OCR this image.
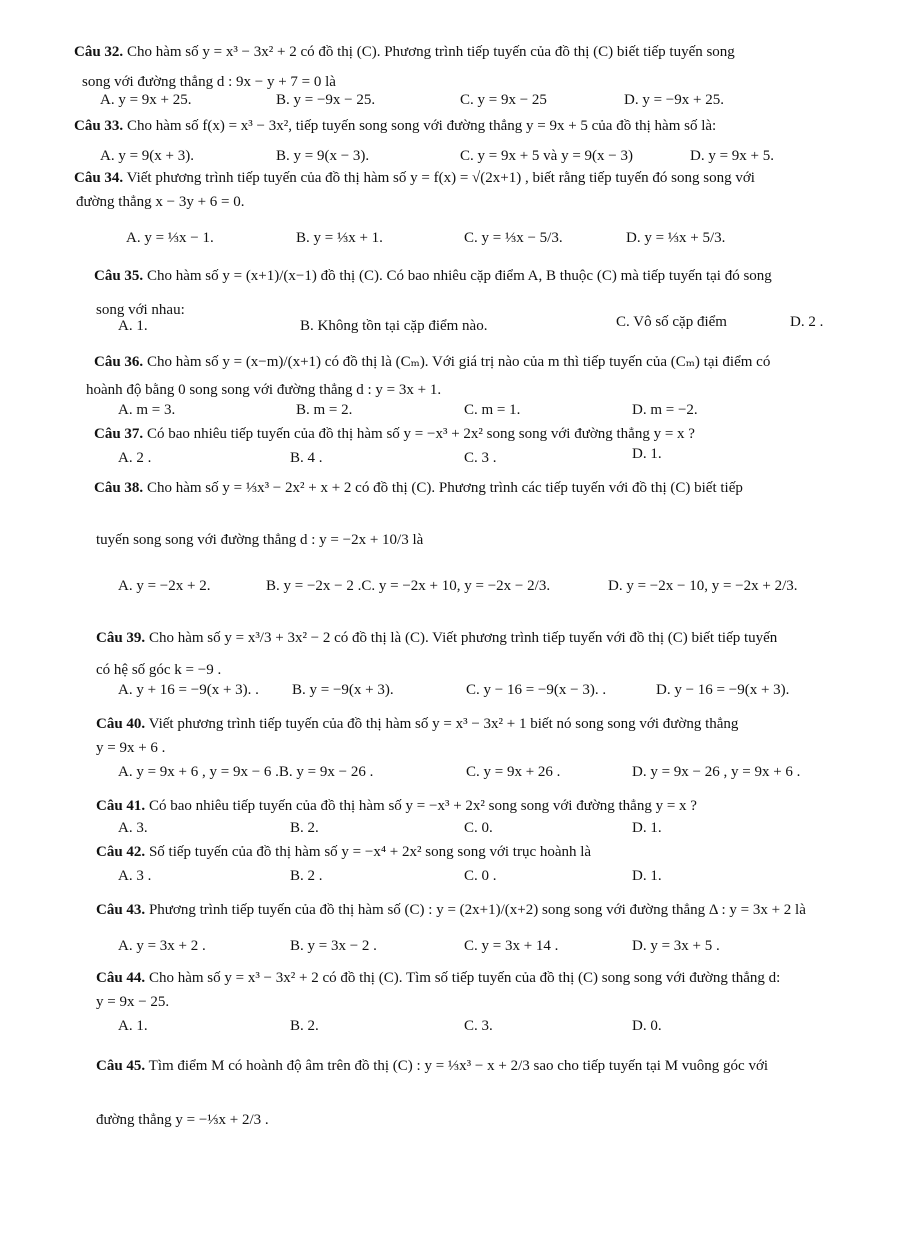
Câu 32. Cho hàm số y = x³ − 3x² + 2 có đồ thị (C). Phương trình tiếp tuyến của đồ thị (C) biết tiếp tuyến song
song với đường thẳng d : 9x − y + 7 = 0 là
A. y = 9x + 25.	B. y = −9x − 25.	C. y = 9x − 25	D. y = −9x + 25.
Câu 33. Cho hàm số f(x) = x³ − 3x², tiếp tuyến song song với đường thẳng y = 9x + 5 của đồ thị hàm số là:
A. y = 9(x + 3).	B. y = 9(x − 3).	C. y = 9x + 5 và y = 9(x − 3)	D. y = 9x + 5.
Câu 34. Viết phương trình tiếp tuyến của đồ thị hàm số y = f(x) = √(2x+1) , biết rằng tiếp tuyến đó song song với
đường thẳng x − 3y + 6 = 0.
A. y = ⅓x − 1.	B. y = ⅓x + 1.	C. y = ⅓x − 5/3.	D. y = ⅓x + 5/3.
Câu 35. Cho hàm số y = (x+1)/(x−1) đồ thị (C). Có bao nhiêu cặp điểm A, B thuộc (C) mà tiếp tuyến tại đó song
song với nhau:
A. 1.	B. Không tồn tại cặp điểm nào.	C. Vô số cặp điểm	D. 2 .
Câu 36. Cho hàm số y = (x−m)/(x+1) có đồ thị là (Cₘ). Với giá trị nào của m thì tiếp tuyến của (Cₘ) tại điểm có
hoành độ bằng 0 song song với đường thẳng d : y = 3x + 1.
A. m = 3.	B. m = 2.	C. m = 1.	D. m = −2.
Câu 37. Có bao nhiêu tiếp tuyến của đồ thị hàm số y = −x³ + 2x² song song với đường thẳng y = x ?
A. 2 .	B. 4 .	C. 3 .	D. 1.
Câu 38. Cho hàm số y = ⅓x³ − 2x² + x + 2 có đồ thị (C). Phương trình các tiếp tuyến với đồ thị (C) biết tiếp
tuyến song song với đường thẳng d : y = −2x + 10/3 là
A. y = −2x + 2.	B. y = −2x − 2 .C. y = −2x + 10, y = −2x − 2/3.	D. y = −2x − 10, y = −2x + 2/3.
Câu 39. Cho hàm số y = x³/3 + 3x² − 2 có đồ thị là (C). Viết phương trình tiếp tuyến với đồ thị (C) biết tiếp tuyến
có hệ số góc k = −9 .
A. y + 16 = −9(x + 3). . B. y = −9(x + 3).	C. y − 16 = −9(x − 3). .	D. y − 16 = −9(x + 3).
Câu 40. Viết phương trình tiếp tuyến của đồ thị hàm số y = x³ − 3x² + 1 biết nó song song với đường thẳng
y = 9x + 6 .
A. y = 9x + 6 , y = 9x − 6 .B. y = 9x − 26 .	C. y = 9x + 26 .	D. y = 9x − 26 , y = 9x + 6 .
Câu 41. Có bao nhiêu tiếp tuyến của đồ thị hàm số y = −x³ + 2x² song song với đường thẳng y = x ?
A. 3.	B. 2.	C. 0.	D. 1.
Câu 42. Số tiếp tuyến của đồ thị hàm số y = −x⁴ + 2x² song song với trục hoành là
A. 3 .	B. 2 .	C. 0 .	D. 1.
Câu 43. Phương trình tiếp tuyến của đồ thị hàm số (C) : y = (2x+1)/(x+2) song song với đường thẳng Δ : y = 3x + 2 là
A. y = 3x + 2 .	B. y = 3x − 2 .	C. y = 3x + 14 .	D. y = 3x + 5 .
Câu 44. Cho hàm số y = x³ − 3x² + 2 có đồ thị (C). Tìm số tiếp tuyến của đồ thị (C) song song với đường thẳng d:
y = 9x − 25.
A. 1.	B. 2.	C. 3.	D. 0.
Câu 45. Tìm điểm M có hoành độ âm trên đồ thị (C) : y = ⅓x³ − x + 2/3 sao cho tiếp tuyến tại M vuông góc với
đường thẳng y = −⅓x + 2/3 .
